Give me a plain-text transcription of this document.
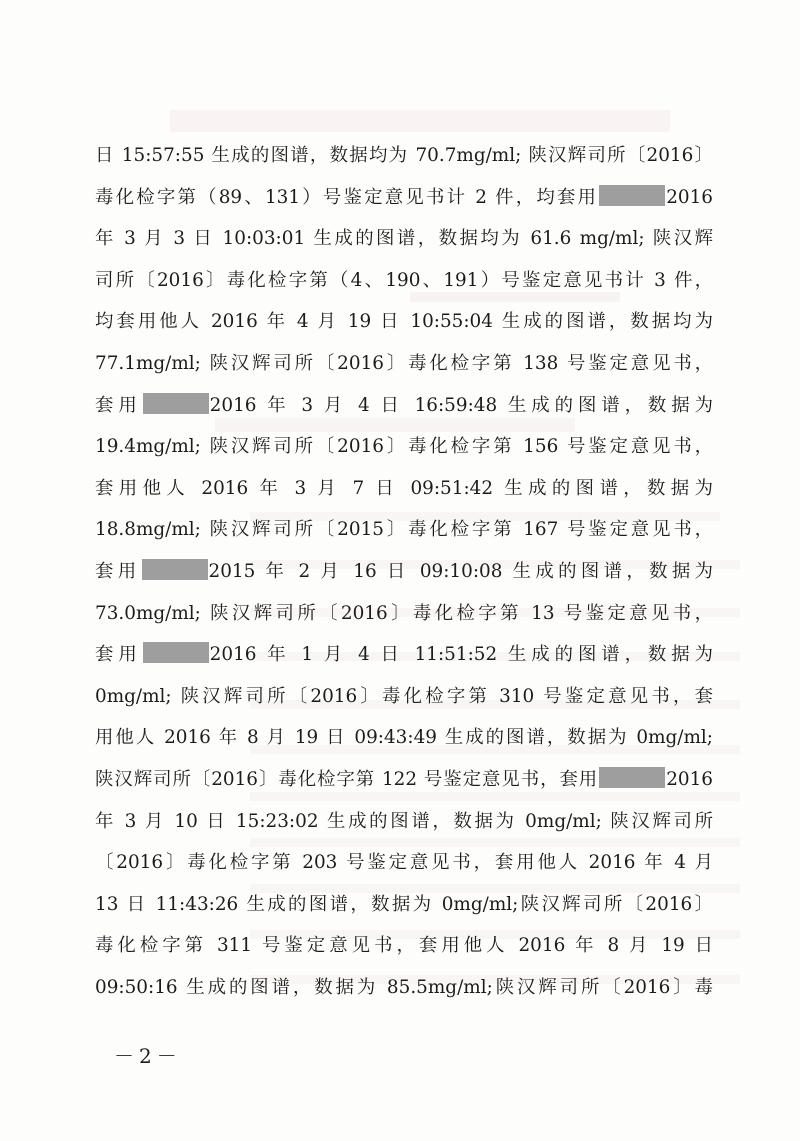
日 15:57:55 生成的图谱，数据均为 70.7mg/ml; 陕汉辉司所〔2016〕
毒化检字第（89、131）号鉴定意见书计 2 件，均套用	2016
年 3 月 3 日 10:03:01 生成的图谱，数据均为 61.6 mg/ml; 陕汉辉
司所〔2016〕毒化检字第（4、190、191）号鉴定意见书计 3 件，
均套用他人 2016 年 4 月 19 日 10:55:04 生成的图谱，数据均为
77.1mg/ml; 陕汉辉司所〔2016〕毒化检字第 138 号鉴定意见书，
套用	2016 年 3 月 4 日 16:59:48 生成的图谱，数据为
19.4mg/ml; 陕汉辉司所〔2016〕毒化检字第 156 号鉴定意见书，
套用他人 2016 年 3 月 7 日 09:51:42 生成的图谱，数据为
18.8mg/ml; 陕汉辉司所〔2015〕毒化检字第 167 号鉴定意见书，
套用	2015 年 2 月 16 日 09:10:08 生成的图谱，数据为
73.0mg/ml; 陕汉辉司所〔2016〕毒化检字第 13 号鉴定意见书，
套用	2016 年 1 月 4 日 11:51:52 生成的图谱，数据为
0mg/ml; 陕汉辉司所〔2016〕毒化检字第 310 号鉴定意见书，套
用他人 2016 年 8 月 19 日 09:43:49 生成的图谱，数据为 0mg/ml;
陕汉辉司所〔2016〕毒化检字第 122 号鉴定意见书，套用	2016
年 3 月 10 日 15:23:02 生成的图谱，数据为 0mg/ml; 陕汉辉司所
〔2016〕毒化检字第 203 号鉴定意见书，套用他人 2016 年 4 月
13 日 11:43:26 生成的图谱，数据为 0mg/ml;陕汉辉司所〔2016〕
毒化检字第 311 号鉴定意见书，套用他人 2016 年 8 月 19 日
09:50:16 生成的图谱，数据为 85.5mg/ml;陕汉辉司所〔2016〕毒
－2－
